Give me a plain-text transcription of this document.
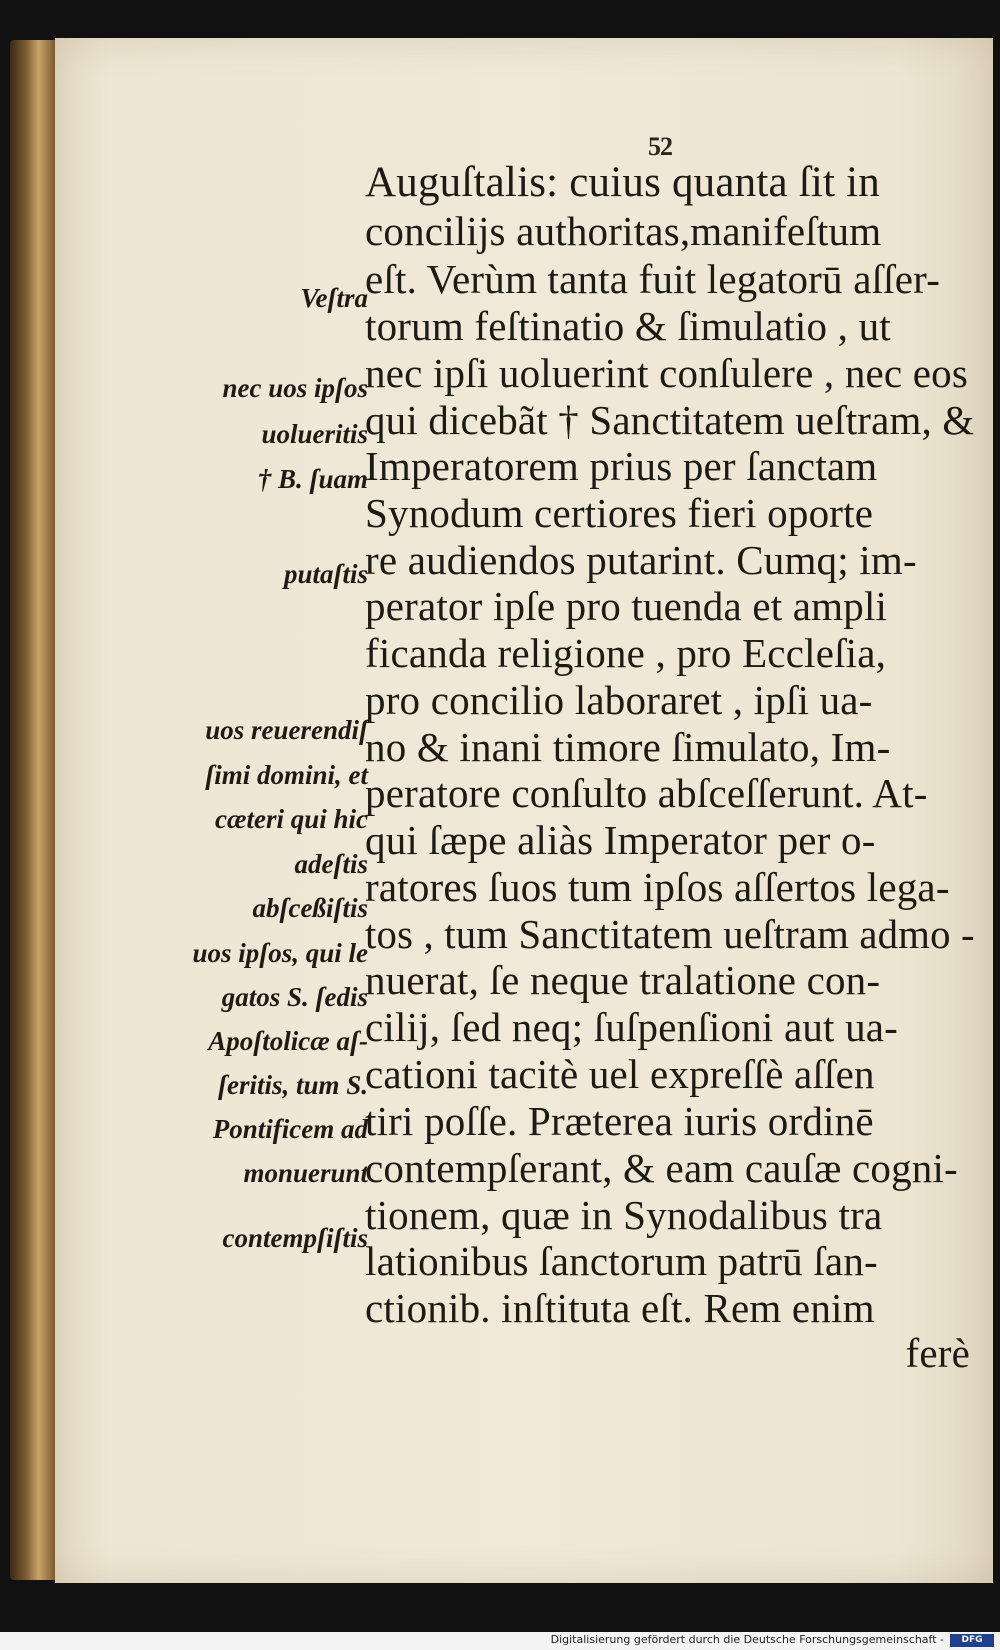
52
Auguſtalis: cuius quanta ſit in
concilijs authoritas,manifeſtum
eſt. Verùm tanta fuit legatorū aſſer-
torum feſtinatio & ſimulatio , ut
nec ipſi uoluerint conſulere , nec eos
qui dicebãt † Sanctitatem ueſtram, &
Imperatorem prius per ſanctam
Synodum certiores fieri oporte
re audiendos putarint. Cumq; im-
perator ipſe pro tuenda et ampli
ficanda religione , pro Eccleſia,
pro concilio laboraret , ipſi ua-
no & inani timore ſimulato, Im-
peratore conſulto abſceſſerunt. At-
qui ſæpe aliàs Imperator per o-
ratores ſuos tum ipſos aſſertos lega-
tos , tum Sanctitatem ueſtram admo -
nuerat, ſe neque tralatione con-
cilij, ſed neq; ſuſpenſioni aut ua-
cationi tacitè uel expreſſè aſſen
tiri poſſe. Præterea iuris ordinē
contempſerant, & eam cauſæ cogni-
tionem, quæ in Synodalibus tra
lationibus ſanctorum patrū ſan-
ctionib. inſtituta eſt. Rem enim
ferè
Veſtra
nec uos ipſos
uolueritis
† B. ſuam
putaſtis
uos reuerendiſ
ſimi domini, et
cæteri qui hic
adeſtis
abſceßiſtis
uos ipſos, qui le
gatos S. ſedis
Apoſtolicæ aſ-
ſeritis, tum S.
Pontificem ad
monuerunt
contempſiſtis
Digitalisierung gefördert durch die Deutsche Forschungsgemeinschaft -	DFG
